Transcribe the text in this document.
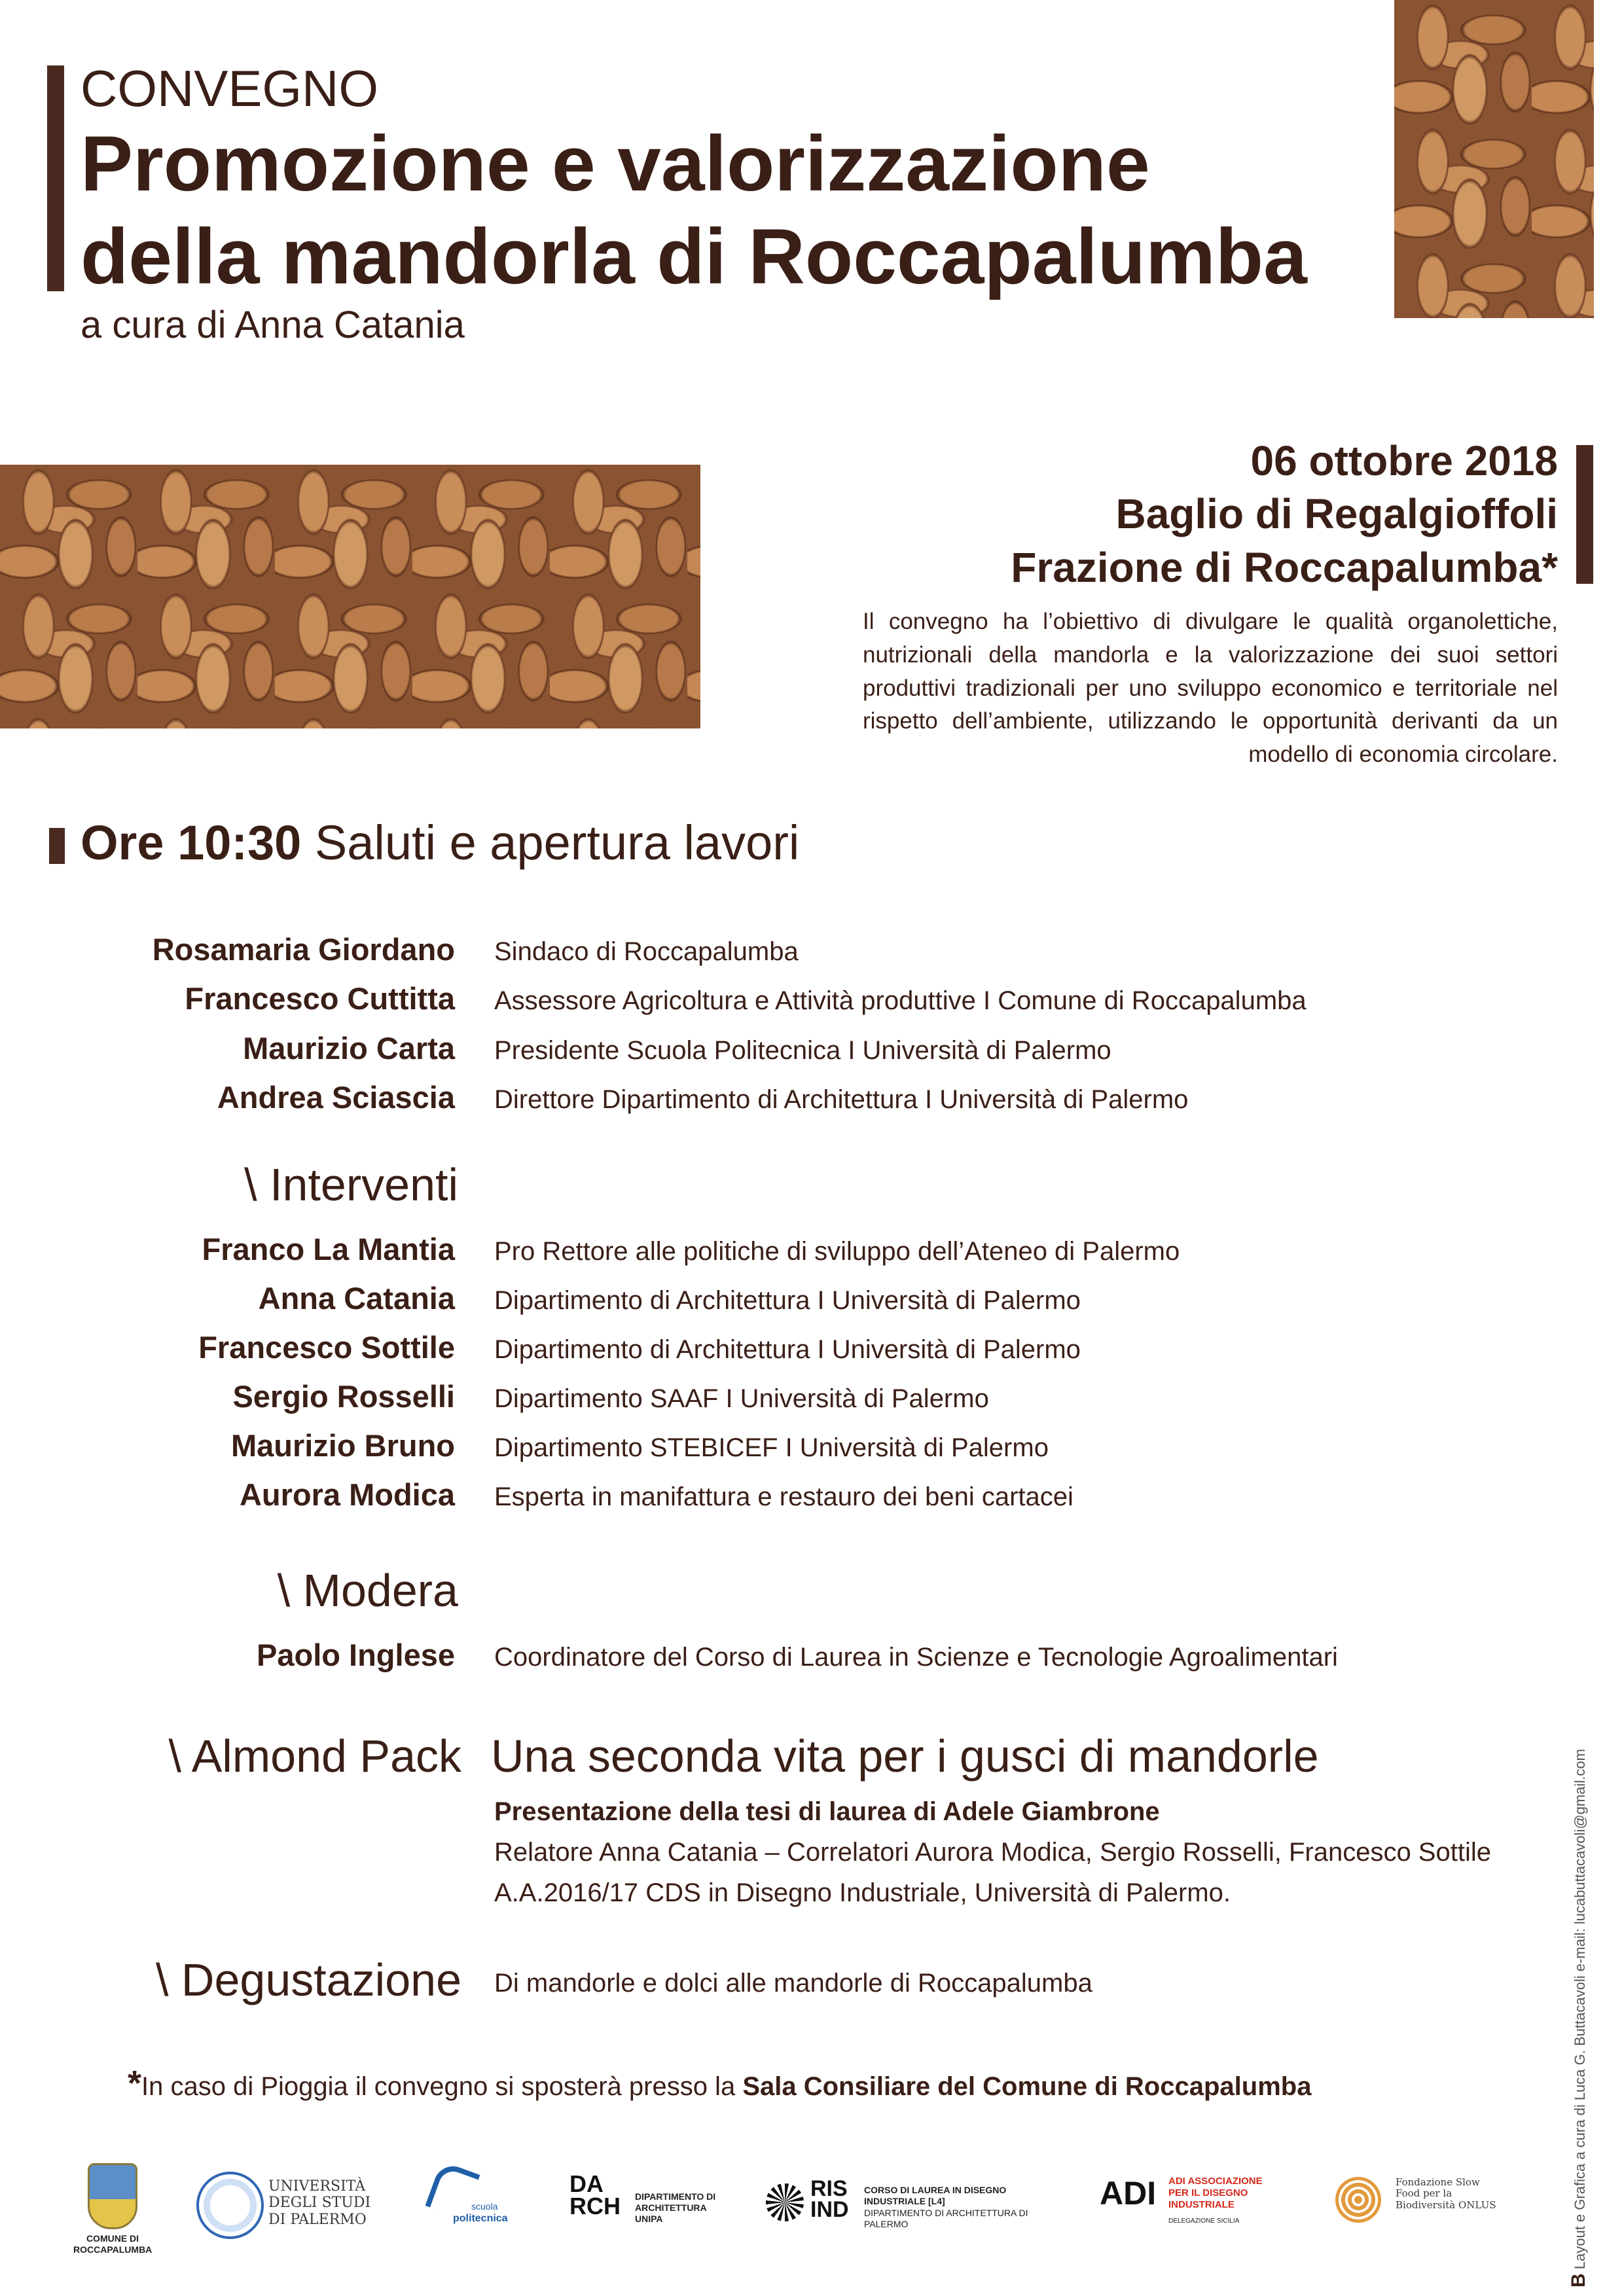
CONVEGNO
Promozione e valorizzazione
della mandorla di Roccapalumba
a cura di Anna Catania
06 ottobre 2018
Baglio di Regalgioffoli
Frazione di Roccapalumba*
Il convegno ha l’obiettivo di divulgare le qualità organolettiche, nutrizionali della mandorla e la valorizzazione dei suoi settori produttivi tradizionali per uno sviluppo economico e territoriale nel rispetto dell’ambiente, utilizzando le opportunità derivanti da un modello di economia circolare.
Ore 10:30 Saluti e apertura lavori
Rosamaria Giordano Sindaco di Roccapalumba
Francesco Cuttitta Assessore Agricoltura e Attività produttive I Comune di Roccapalumba
Maurizio Carta Presidente Scuola Politecnica I Università di Palermo
Andrea Sciascia Direttore Dipartimento di Architettura I Università di Palermo
\ Interventi
Franco La Mantia Pro Rettore alle politiche di sviluppo dell’Ateneo di Palermo
Anna Catania Dipartimento di Architettura I Università di Palermo
Francesco Sottile Dipartimento di Architettura I Università di Palermo
Sergio Rosselli Dipartimento SAAF I Università di Palermo
Maurizio Bruno Dipartimento STEBICEF I Università di Palermo
Aurora Modica Esperta in manifattura e restauro dei beni cartacei
\ Modera
Paolo Inglese Coordinatore del Corso di Laurea in Scienze e Tecnologie Agroalimentari
\ Almond Pack Una seconda vita per i gusci di mandorle
Presentazione della tesi di laurea di Adele Giambrone
Relatore Anna Catania – Correlatori Aurora Modica, Sergio Rosselli, Francesco Sottile
A.A.2016/17 CDS in Disegno Industriale, Università di Palermo.
\ Degustazione Di mandorle e dolci alle mandorle di Roccapalumba
*In caso di Pioggia il convegno si sposterà presso la Sala Consiliare del Comune di Roccapalumba
COMUNE DI ROCCAPALUMBA
UNIVERSITÀ DEGLI STUDI DI PALERMO
scuola
politecnica
DA RCH	DIPARTIMENTO DI ARCHITETTURA UNIPA
RIS IND
CORSO DI LAUREA IN DISEGNO INDUSTRIALE [L4]
DIPARTIMENTO DI ARCHITETTURA DI PALERMO
ADI ADI ASSOCIAZIONE PER IL DISEGNO INDUSTRIALE
DELEGAZIONE SICILIA
Fondazione Slow Food per la Biodiversità ONLUS
B Layout e Grafica a cura di Luca G. Buttacavoli e-mail: lucabuttacavoli@gmail.com
